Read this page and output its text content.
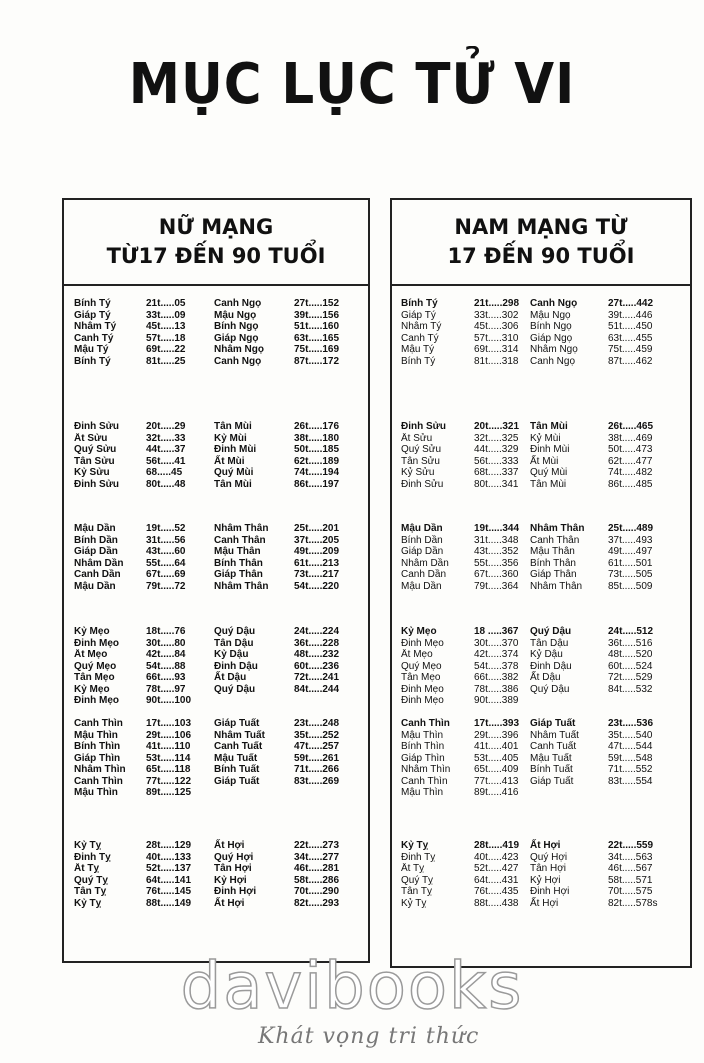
MỤC LỤC TỬ VI
NỮ MẠNG
TỪ17 ĐẾN 90 TUỔI
Bính Tý	21t.....05	Canh Ngọ	27t.....152
Giáp Tý	33t.....09	Mậu Ngọ	39t.....156
Nhâm Tý	45t.....13	Bính Ngọ	51t.....160
Canh Tý	57t.....18	Giáp Ngọ	63t.....165
Mậu Tý	69t.....22	Nhâm Ngọ	75t.....169
Bính Tý	81t.....25	Canh Ngọ	87t.....172
Đinh Sửu	20t.....29	Tân Mùi	26t.....176
Ất Sửu	32t.....33	Kỷ Mùi	38t.....180
Quý Sửu	44t.....37	Đinh Mùi	50t.....185
Tân Sửu	56t.....41	Ất Mùi	62t.....189
Kỷ Sửu	68.....45	Quý Mùi	74t.....194
Đinh Sửu	80t.....48	Tân Mùi	86t.....197
Mậu Dần	19t.....52	Nhâm Thân	25t.....201
Bính Dần	31t.....56	Canh Thân	37t.....205
Giáp Dần	43t.....60	Mậu Thân	49t.....209
Nhâm Dần	55t.....64	Bính Thân	61t.....213
Canh Dần	67t.....69	Giáp Thân	73t.....217
Mậu Dần	79t.....72	Nhâm Thân	54t.....220
Kỷ Mẹo	18t.....76	Quý Dậu	24t.....224
Đinh Mẹo	30t.....80	Tân Dậu	36t.....228
Ất Mẹo	42t.....84	Kỷ Dậu	48t.....232
Quý Mẹo	54t.....88	Đinh Dậu	60t.....236
Tân Mẹo	66t.....93	Ất Dậu	72t.....241
Kỷ Mẹo	78t.....97	Quý Dậu	84t.....244
Đinh Mẹo	90t.....100
Canh Thìn	17t.....103	Giáp Tuất	23t.....248
Mậu Thìn	29t.....106	Nhâm Tuất	35t.....252
Bính Thìn	41t.....110	Canh Tuất	47t.....257
Giáp Thìn	53t.....114	Mậu Tuất	59t.....261
Nhâm Thìn	65t.....118	Bính Tuất	71t.....266
Canh Thìn	77t.....122	Giáp Tuất	83t.....269
Mậu Thìn	89t.....125
Kỷ Tỵ	28t.....129	Ất Hợi	22t.....273
Đinh Tỵ	40t.....133	Quý Hợi	34t.....277
Ất Tỵ	52t.....137	Tân Hợi	46t.....281
Quý Tỵ	64t.....141	Kỷ Hợi	58t.....286
Tân Tỵ	76t.....145	Đinh Hợi	70t.....290
Kỷ Tỵ	88t.....149	Ất Hợi	82t.....293
NAM MẠNG TỪ
17 ĐẾN 90 TUỔI
Bính Tý	21t.....298	Canh Ngọ	27t.....442
Giáp Tý	33t.....302	Mậu Ngọ	39t.....446
Nhâm Tý	45t.....306	Bính Ngọ	51t.....450
Canh Tý	57t.....310	Giáp Ngọ	63t.....455
Mậu Tý	69t.....314	Nhâm Ngọ	75t.....459
Bính Tý	81t.....318	Canh Ngọ	87t.....462
Đinh Sửu	20t.....321	Tân Mùi	26t.....465
Ất Sửu	32t.....325	Kỷ Mùi	38t.....469
Quý Sửu	44t.....329	Đinh Mùi	50t.....473
Tân Sửu	56t.....333	Ất Mùi	62t.....477
Kỷ Sửu	68t.....337	Quý Mùi	74t.....482
Đinh Sửu	80t.....341	Tân Mùi	86t.....485
Mậu Dần	19t.....344	Nhâm Thân	25t.....489
Bính Dần	31t.....348	Canh Thân	37t.....493
Giáp Dần	43t.....352	Mậu Thân	49t.....497
Nhâm Dần	55t.....356	Bính Thân	61t.....501
Canh Dần	67t.....360	Giáp Thân	73t.....505
Mậu Dần	79t.....364	Nhâm Thân	85t.....509
Kỷ Mẹo	18 .....367	Quý Dậu	24t.....512
Đinh Mẹo	30t.....370	Tân Dậu	36t.....516
Ất Mẹo	42t.....374	Kỷ Dậu	48t.....520
Quý Mẹo	54t.....378	Đinh Dậu	60t.....524
Tân Mẹo	66t.....382	Ất Dậu	72t.....529
Đinh Mẹo	78t.....386	Quý Dậu	84t.....532
Đinh Mẹo	90t.....389
Canh Thìn	17t.....393	Giáp Tuất	23t.....536
Mậu Thìn	29t.....396	Nhâm Tuất	35t.....540
Bính Thìn	41t.....401	Canh Tuất	47t.....544
Giáp Thìn	53t.....405	Mậu Tuất	59t.....548
Nhâm Thìn	65t.....409	Bính Tuất	71t.....552
Canh Thìn	77t.....413	Giáp Tuất	83t.....554
Mậu Thìn	89t.....416
Kỷ Tỵ	28t.....419	Ất Hợi	22t.....559
Đinh Tỵ	40t.....423	Quý Hợi	34t.....563
Ất Tỵ	52t.....427	Tân Hợi	46t.....567
Quý Tỵ	64t.....431	Kỷ Hợi	58t.....571
Tân Tỵ	76t.....435	Đinh Hợi	70t.....575
Kỷ Tỵ	88t.....438	Ất Hợi	82t.....578s
davibooks
Khát vọng tri thức
